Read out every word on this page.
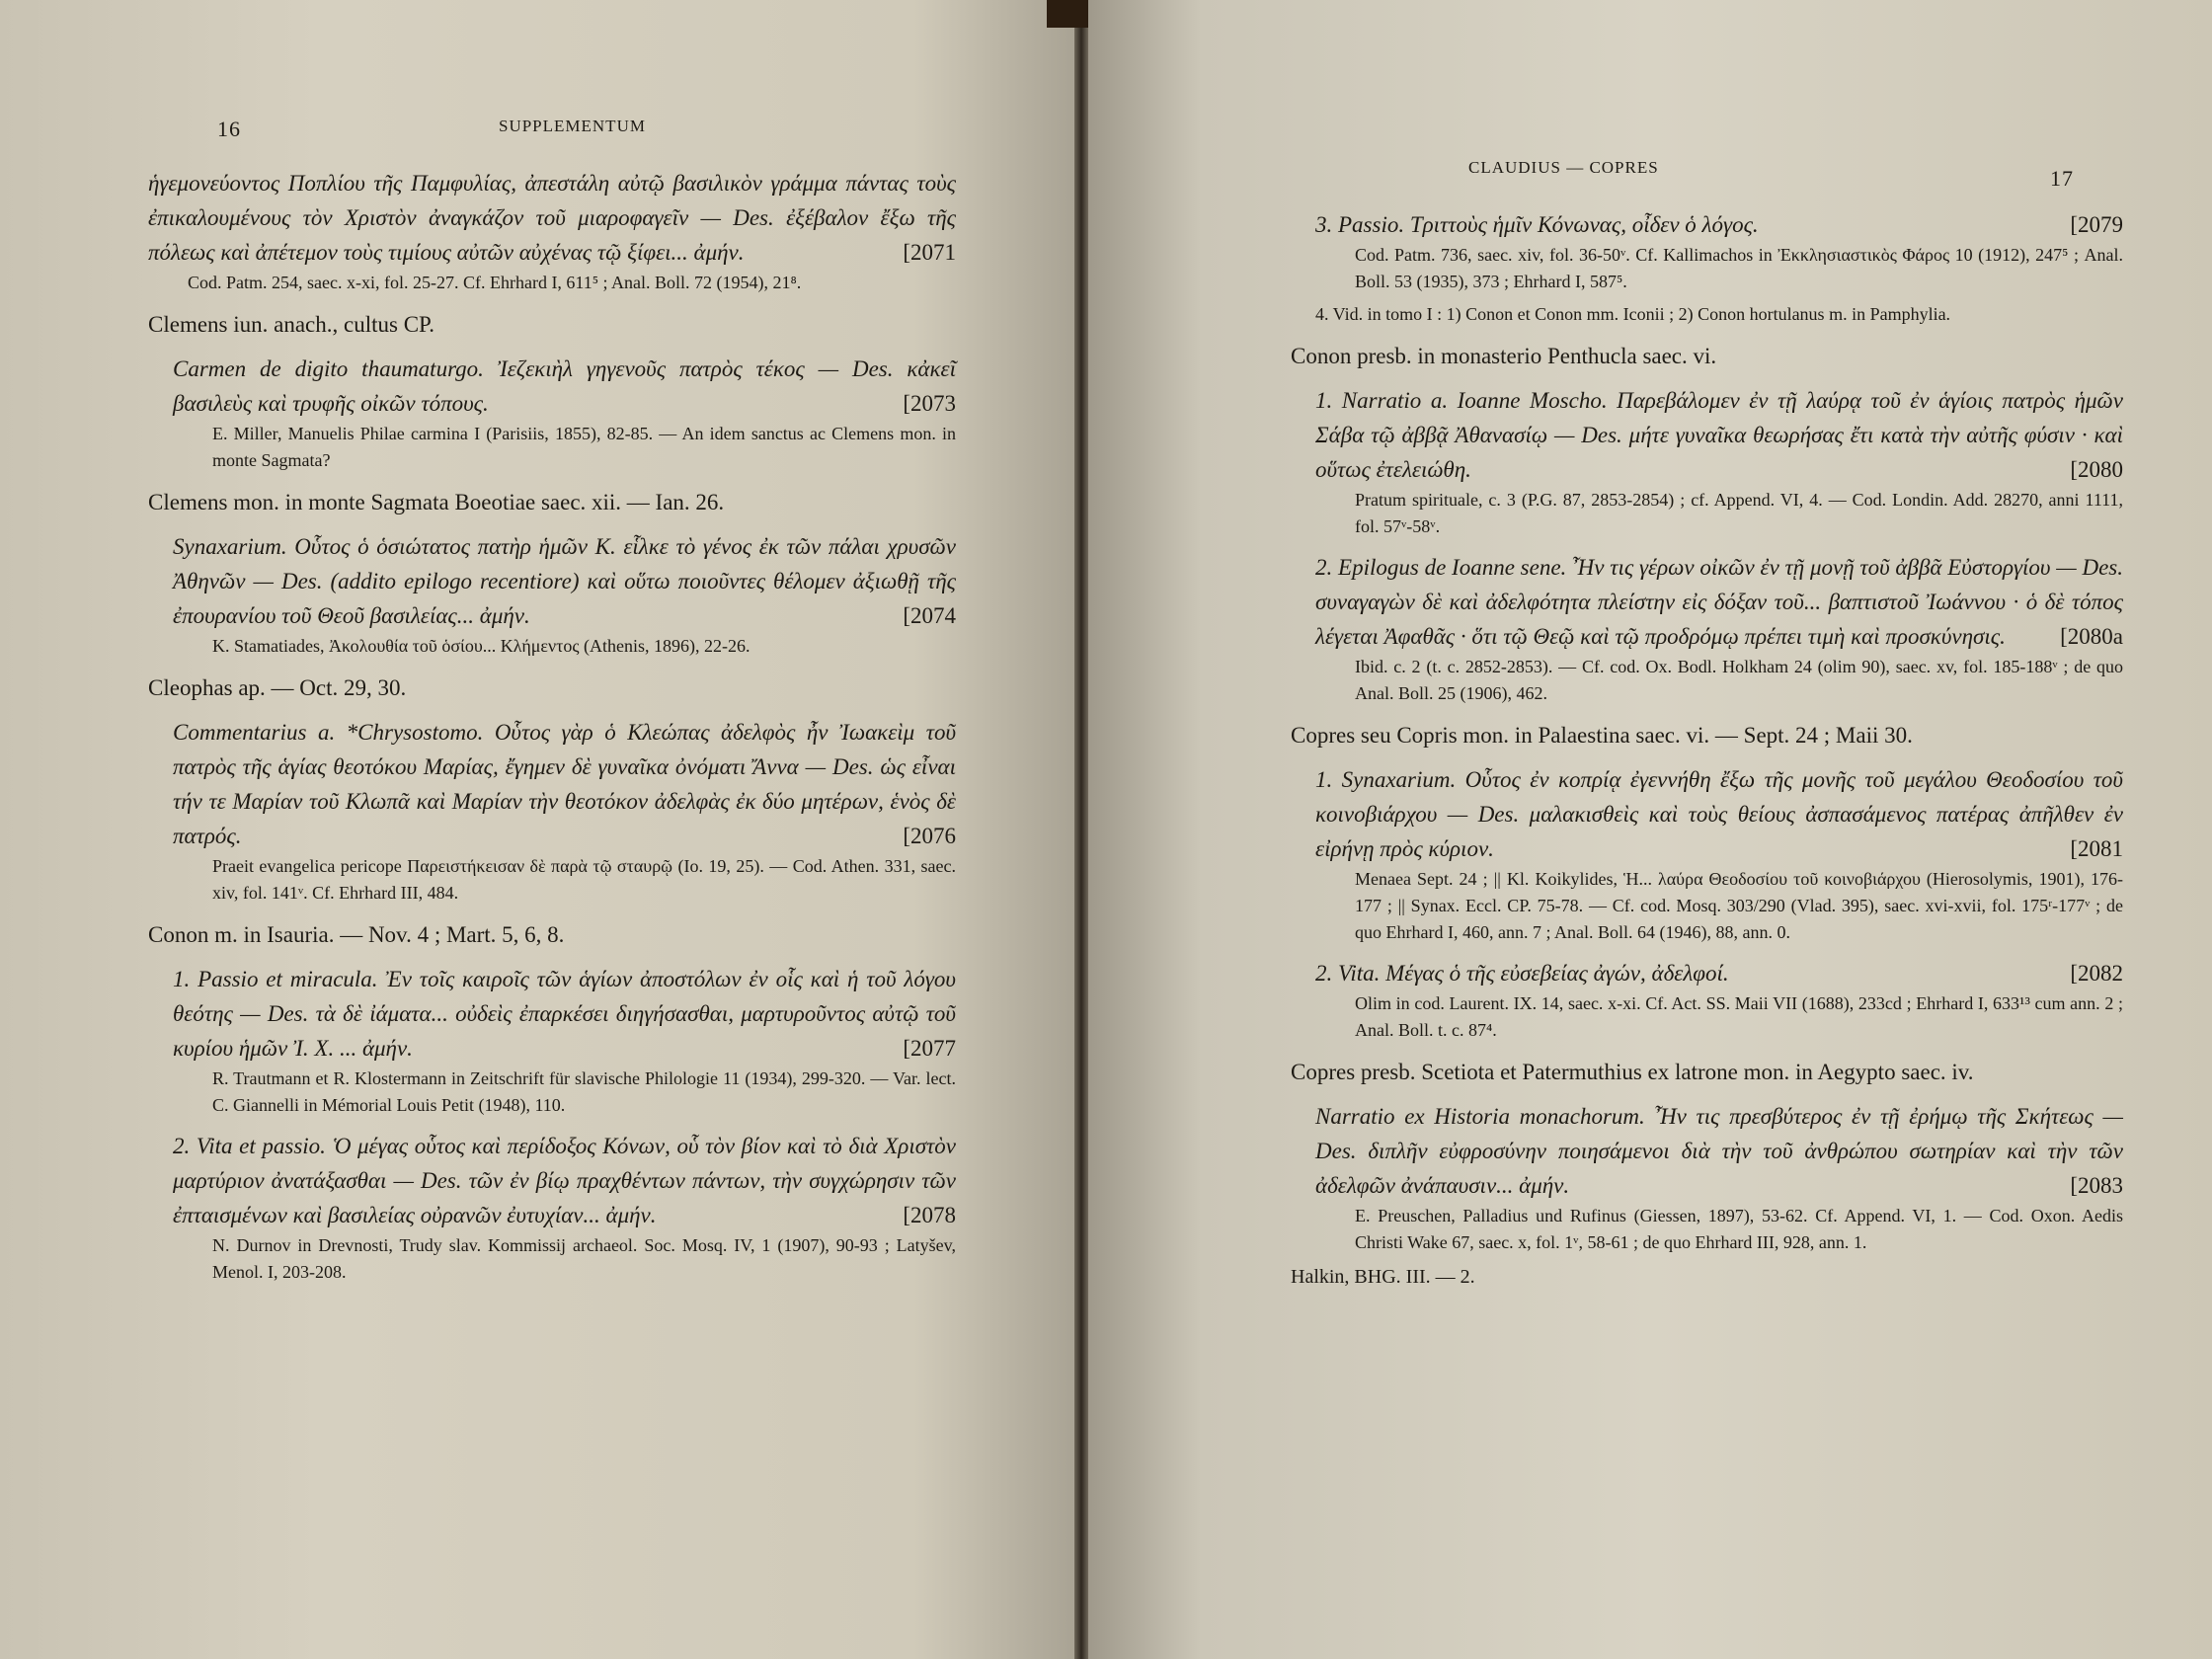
16	SUPPLEMENTUM

ἡγεμονεύοντος Ποπλίου τῆς Παμφυλίας, ἀπεστάλη αὐτῷ βασιλικὸν γράμμα πάντας τοὺς ἐπικαλουμένους τὸν Χριστὸν ἀναγκάζον τοῦ μιαροφαγεῖν — Des. ἐξέβαλον ἔξω τῆς πόλεως καὶ ἀπέτεμον τοὺς τιμίους αὐτῶν αὐχένας τῷ ξίφει... ἀμήν.	[2071

Cod. Patm. 254, saec. x-xi, fol. 25-27. Cf. Ehrhard I, 611⁵ ; Anal. Boll. 72 (1954), 21⁸.

Clemens iun. anach., cultus CP.

Carmen de digito thaumaturgo. Ἰεζεκιὴλ γηγενοῦς πατρὸς τέκος — Des. κἀκεῖ βασιλεὺς καὶ τρυφῆς οἰκῶν τόπους.	[2073

E. Miller, Manuelis Philae carmina I (Parisiis, 1855), 82-85. — An idem sanctus ac Clemens mon. in monte Sagmata?

Clemens mon. in monte Sagmata Boeotiae saec. xii. — Ian. 26.

Synaxarium. Οὗτος ὁ ὁσιώτατος πατὴρ ἡμῶν Κ. εἷλκε τὸ γένος ἐκ τῶν πάλαι χρυσῶν Ἀθηνῶν — Des. (addito epilogo recentiore) καὶ οὕτω ποιοῦντες θέλομεν ἀξιωθῇ τῆς ἐπουρανίου τοῦ Θεοῦ βασιλείας... ἀμήν.	[2074

K. Stamatiades, Ἀκολουθία τοῦ ὁσίου... Κλήμεντος (Athenis, 1896), 22-26.

Cleophas ap. — Oct. 29, 30.

Commentarius a. *Chrysostomo. Οὗτος γὰρ ὁ Κλεώπας ἀδελφὸς ἦν Ἰωακεὶμ τοῦ πατρὸς τῆς ἁγίας θεοτόκου Μαρίας, ἔγημεν δὲ γυναῖκα ὀνόματι Ἄννα — Des. ὡς εἶναι τήν τε Μαρίαν τοῦ Κλωπᾶ καὶ Μαρίαν τὴν θεοτόκον ἀδελφὰς ἐκ δύο μητέρων, ἑνὸς δὲ πατρός.	[2076

Praeit evangelica pericope Παρειστήκεισαν δὲ παρὰ τῷ σταυρῷ (Io. 19, 25). — Cod. Athen. 331, saec. xiv, fol. 141ᵛ. Cf. Ehrhard III, 484.

Conon m. in Isauria. — Nov. 4 ; Mart. 5, 6, 8.

1. Passio et miracula. Ἐν τοῖς καιροῖς τῶν ἁγίων ἀποστόλων ἐν οἷς καὶ ἡ τοῦ λόγου θεότης — Des. τὰ δὲ ἰάματα... οὐδεὶς ἐπαρκέσει διηγήσασθαι, μαρτυροῦντος αὐτῷ τοῦ κυρίου ἡμῶν Ἰ. Χ. ... ἀμήν.	[2077

R. Trautmann et R. Klostermann in Zeitschrift für slavische Philologie 11 (1934), 299-320. — Var. lect. C. Giannelli in Mémorial Louis Petit (1948), 110.

2. Vita et passio. Ὁ μέγας οὗτος καὶ περίδοξος Κόνων, οὗ τὸν βίον καὶ τὸ διὰ Χριστὸν μαρτύριον ἀνατάξασθαι — Des. τῶν ἐν βίῳ πραχθέντων πάντων, τὴν συγχώρησιν τῶν ἐπταισμένων καὶ βασιλείας οὐρανῶν ἐυτυχίαν... ἀμήν.	[2078

N. Durnov in Drevnosti, Trudy slav. Kommissij archaeol. Soc. Mosq. IV, 1 (1907), 90-93 ; Latyšev, Menol. I, 203-208.

CLAUDIUS — COPRES	17

3. Passio. Τριττοὺς ἡμῖν Κόνωνας, οἶδεν ὁ λόγος.	[2079

Cod. Patm. 736, saec. xiv, fol. 36-50ᵛ. Cf. Kallimachos in Ἐκκλησιαστικὸς Φάρος 10 (1912), 247⁵ ; Anal. Boll. 53 (1935), 373 ; Ehrhard I, 587⁵.

4. Vid. in tomo I : 1) Conon et Conon mm. Iconii ; 2) Conon hortulanus m. in Pamphylia.

Conon presb. in monasterio Penthucla saec. vi.

1. Narratio a. Ioanne Moscho. Παρεβάλομεν ἐν τῇ λαύρᾳ τοῦ ἐν ἁγίοις πατρὸς ἡμῶν Σάβα τῷ ἀββᾷ Ἀθανασίῳ — Des. μήτε γυναῖκα θεωρήσας ἔτι κατὰ τὴν αὐτῆς φύσιν · καὶ οὕτως ἐτελειώθη.	[2080

Pratum spirituale, c. 3 (P.G. 87, 2853-2854) ; cf. Append. VI, 4. — Cod. Londin. Add. 28270, anni 1111, fol. 57ᵛ-58ᵛ.

2. Epilogus de Ioanne sene. Ἦν τις γέρων οἰκῶν ἐν τῇ μονῇ τοῦ ἀββᾶ Εὐστοργίου — Des. συναγαγὼν δὲ καὶ ἀδελφότητα πλείστην εἰς δόξαν τοῦ... βαπτιστοῦ Ἰωάννου · ὁ δὲ τόπος λέγεται Ἀφαθᾶς · ὅτι τῷ Θεῷ καὶ τῷ προδρόμῳ πρέπει τιμὴ καὶ προσκύνησις. [2080a

Ibid. c. 2 (t. c. 2852-2853). — Cf. cod. Ox. Bodl. Holkham 24 (olim 90), saec. xv, fol. 185-188ᵛ ; de quo Anal. Boll. 25 (1906), 462.

Copres seu Copris mon. in Palaestina saec. vi. — Sept. 24 ; Maii 30.

1. Synaxarium. Οὗτος ἐν κοπρίᾳ ἐγεννήθη ἔξω τῆς μονῆς τοῦ μεγάλου Θεοδοσίου τοῦ κοινοβιάρχου — Des. μαλακισθεὶς καὶ τοὺς θείους ἀσπασάμενος πατέρας ἀπῆλθεν ἐν εἰρήνῃ πρὸς κύριον.	[2081

Menaea Sept. 24 ; || Kl. Koikylides, Ἡ... λαύρα Θεοδοσίου τοῦ κοινοβιάρχου (Hierosolymis, 1901), 176-177 ; || Synax. Eccl. CP. 75-78. — Cf. cod. Mosq. 303/290 (Vlad. 395), saec. xvi-xvii, fol. 175ʳ-177ᵛ ; de quo Ehrhard I, 460, ann. 7 ; Anal. Boll. 64 (1946), 88, ann. 0.

2. Vita. Μέγας ὁ τῆς εὐσεβείας ἀγών, ἀδελφοί.	[2082

Olim in cod. Laurent. IX. 14, saec. x-xi. Cf. Act. SS. Maii VII (1688), 233cd ; Ehrhard I, 633¹³ cum ann. 2 ; Anal. Boll. t. c. 87⁴.

Copres presb. Scetiota et Patermuthius ex latrone mon. in Aegypto saec. iv.

Narratio ex Historia monachorum. Ἦν τις πρεσβύτερος ἐν τῇ ἐρήμῳ τῆς Σκήτεως — Des. διπλῆν εὐφροσύνην ποιησάμενοι διὰ τὴν τοῦ ἀνθρώπου σωτηρίαν καὶ τὴν τῶν ἀδελφῶν ἀνάπαυσιν... ἀμήν.	[2083

E. Preuschen, Palladius und Rufinus (Giessen, 1897), 53-62. Cf. Append. VI, 1. — Cod. Oxon. Aedis Christi Wake 67, saec. x, fol. 1ᵛ, 58-61 ; de quo Ehrhard III, 928, ann. 1.

Halkin, BHG. III. — 2.
